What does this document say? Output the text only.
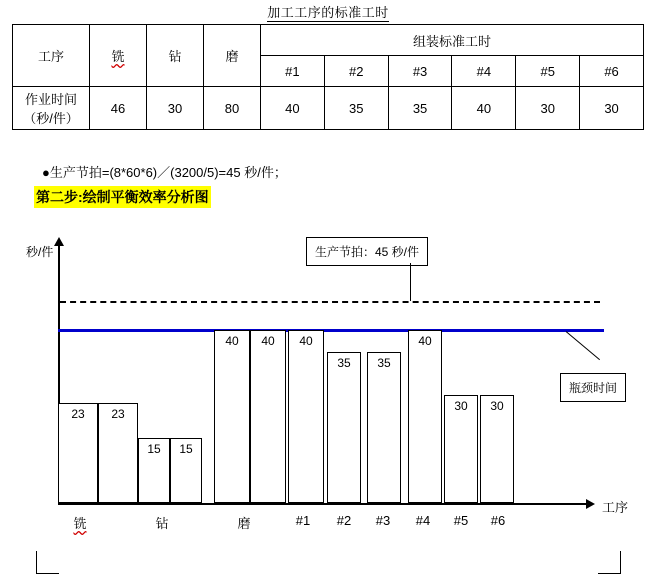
加工工序的标准工时
工序	铣	钻	磨	组装标准工时					
				#1	#2	#3	#4	#5	#6

作业时间
（秒/件）	46	30	80	40	35	35	40	30	30
●生产节拍=(8*60*6)／(3200/5)=45 秒/件；
第二步:绘制平衡效率分析图
秒/件
工序
23	23
15	15
40	40	40
35	35
40
30	30
铣	钻	磨	#1	#2	#3	#4	#5	#6
生产节拍：45 秒/件
瓶颈时间
